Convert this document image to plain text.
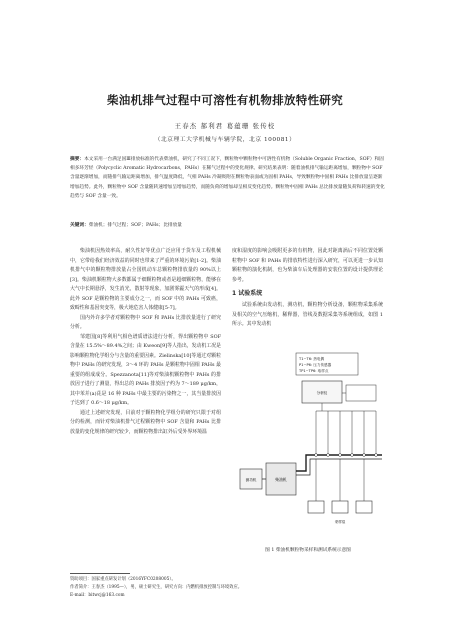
柴油机排气过程中可溶性有机物排放特性研究
王春杰 郝利君 葛蕴珊 张传校
（北京理工大学机械与车辆学院，北京 100081）
摘要：本文采用一台满足国Ⅲ排放标准的代表柴油机，研究了不同工况下，颗粒物中颗粒物中可溶性有机物（Soluble Organic Fraction，SOF）和固相多环芳烃（Polycyclic Aromatic Hydrocarbons，PAHs）在稀气过程中的变化规律。研究结果表明：随着油机排气输运距离增加，颗粒物中 SOF 含量逐渐增加，而随排气输运距离增加，排气温度降低，气相 PAHs 冷凝吸附在颗粒物表面或为固相 PAHs，导致颗粒物中固相 PAHs 比排放量呈逐渐增加趋势。此外，颗粒物中 SOF 含量随转速增加呈增加趋势，而随负荷的增加却呈相反变化趋势。颗粒物中固相 PAHs 总比排放量随负荷和转速的变化趋势与 SOF 含量一致。
关键词：柴油机；排气过程；SOF；PAHs；比排放量

柴油机因热效率高，耐久性好等优点广泛应用于货车及工程机械中，它带给我们经济效益的同时也带来了严重的环境污染[1-2]。柴油机排气中的颗粒物排放量占全国机动车总颗粒物排放量的 90%以上[3]。柴油机颗粒物大多数都属于细颗粒物或者是超细颗粒物，能够在大气中长期悬浮，发生消光，散射等现象，加剧雾霾天气的形成[4]。此外 SOF 是颗粒物的主要成分之一，而 SOF 中的 PAHs 可致癌，致畸性和基因突变等，极大地危害人体健康[5-7]。

国内外许多学者对颗粒物中 SOF 和 PAHs 比排放量进行了研究分析。

邹建国[8]等利用气相色谱质谱法进行分析，得出颗粒物中 SOF 含量在 15.5%～89.4%之间；由 Kweon[9]等人指出，发动机工况是影响颗粒物化学组分与含量的重要因素。Zielinska[10]等通过对颗粒物中 PAHs 的研究发现，3～4 环的 PAHs 是颗粒物中固相 PAHs 最重要的组成成分。Spezzanota[11]等对柴油机颗粒物中 PAHs 的排放因子进行了测量，得出总的 PAHs 排放因子约为 7～189 μg/km，其中苯并(a)芘是 16 种 PAHs 中最主要的污染物之一，其当量排放因子达到了 0.6～18 μg/km。

通过上述研究发现，目前对于颗粒物化学组分的研究只限于对组分的检测，而针对柴油机排气过程颗粒物中 SOF 含量和 PAHs 比排放量的变化规律的研究较少，而颗粒物排出缸外后受外界环境温

度和湿度的影响会吸附更多的有机物，因此对距离涡后不同位置处颗粒物中 SOF 和 PAHs 的排放特性进行深入研究，可以更进一步认知颗粒物的演化机制，也为柴油车后处理器的安装位置的设计提供理论参考。

1 试验系统

试验系统由发动机，测功机，颗粒物分析设备，颗粒物采集系统及相关的空气压缩机，稀释器，管线及数据采集等系统组成，如图 1 所示。其中发动机

T1~T6: 热电偶
P1~P6: 压力传感器
TP1~TP6: 取样点
测功机	柴油机
分析仪
采样泵
图 1 柴油机颗粒物采样和测试系统示意图
资助项目：国家重点研发计划（2016YFC0208005）。
作者简介：王春杰（1995—），男，硕士研究生，研究方向：内燃机排放控制与环境效应。
E-mail：bitwcj@163.com
